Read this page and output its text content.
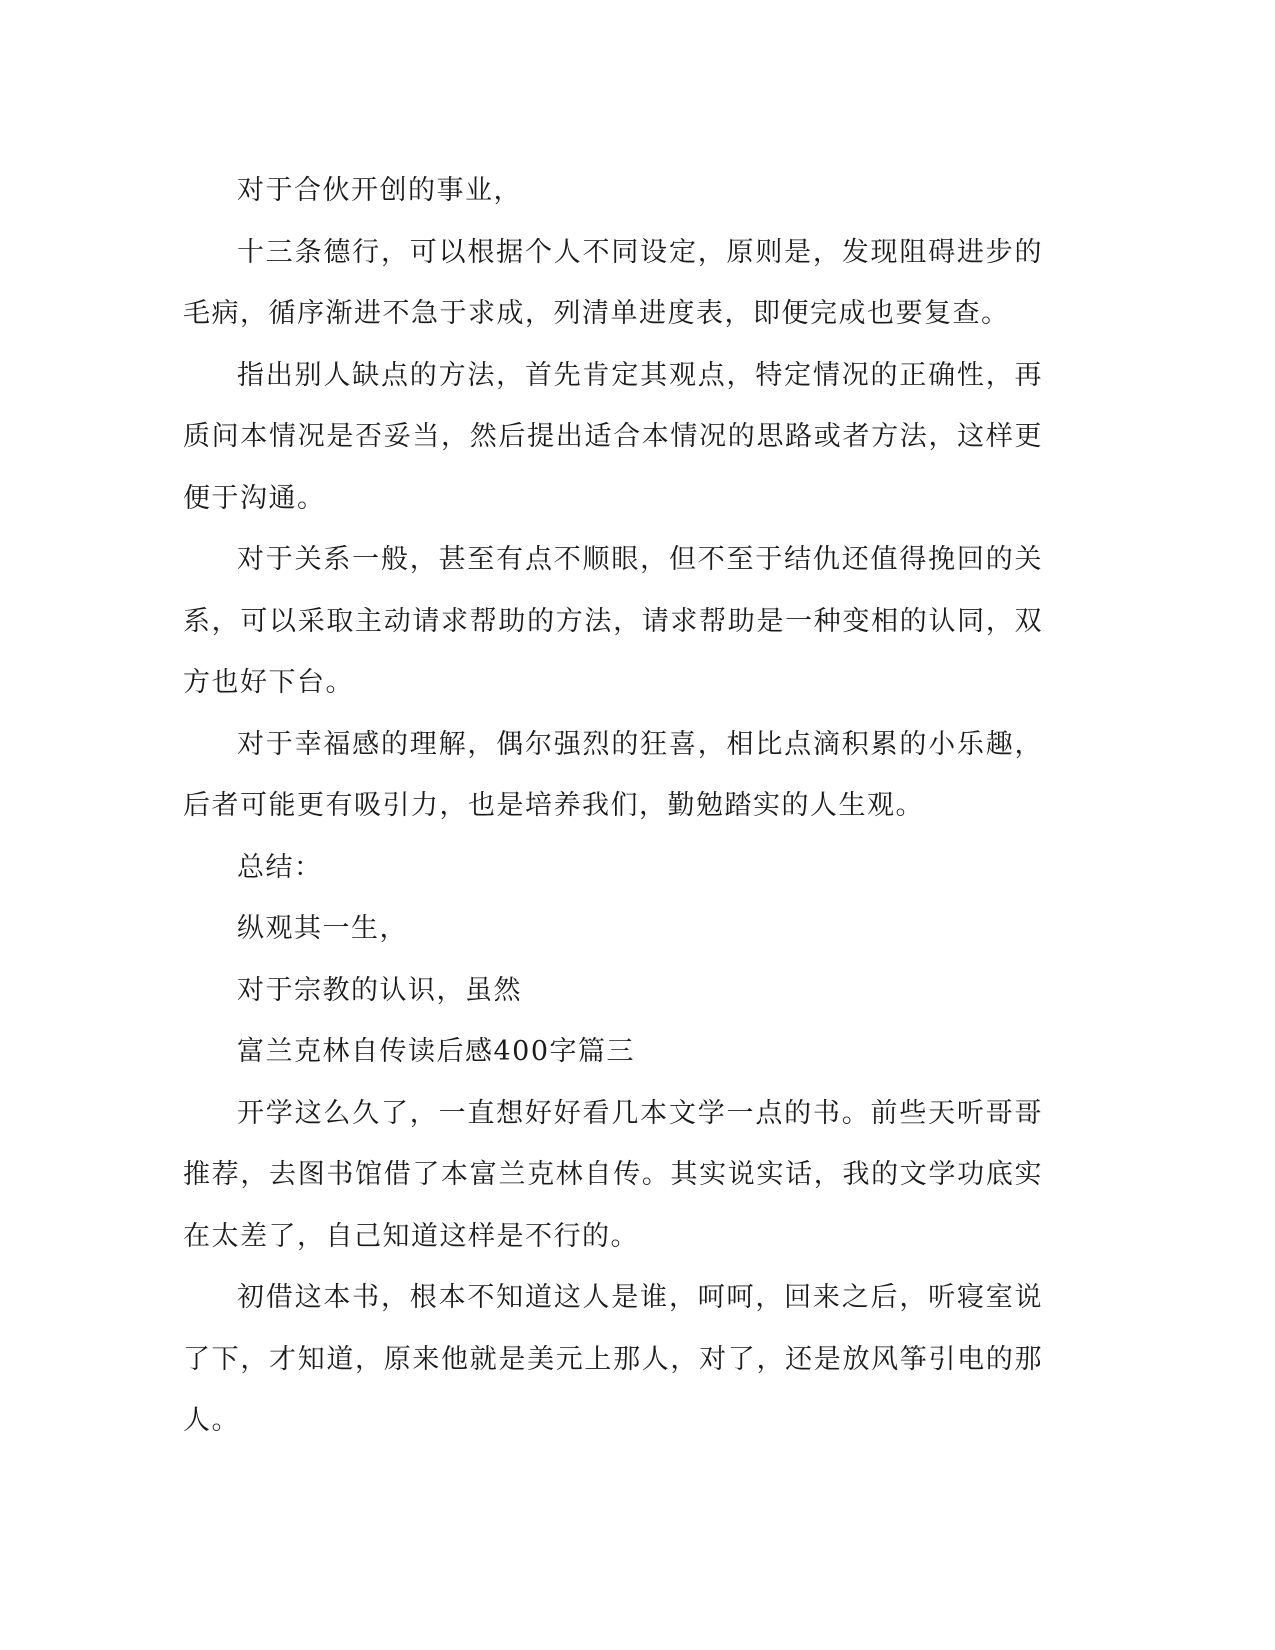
对于合伙开创的事业，

十三条德行，可以根据个人不同设定，原则是，发现阻碍进步的毛病，循序渐进不急于求成，列清单进度表，即便完成也要复查。

指出别人缺点的方法，首先肯定其观点，特定情况的正确性，再质问本情况是否妥当，然后提出适合本情况的思路或者方法，这样更便于沟通。

对于关系一般，甚至有点不顺眼，但不至于结仇还值得挽回的关系，可以采取主动请求帮助的方法，请求帮助是一种变相的认同，双方也好下台。

对于幸福感的理解，偶尔强烈的狂喜，相比点滴积累的小乐趣，后者可能更有吸引力，也是培养我们，勤勉踏实的人生观。

总结：

纵观其一生，

对于宗教的认识，虽然

富兰克林自传读后感400字篇三

开学这么久了，一直想好好看几本文学一点的书。前些天听哥哥推荐，去图书馆借了本富兰克林自传。其实说实话，我的文学功底实在太差了，自己知道这样是不行的。

初借这本书，根本不知道这人是谁，呵呵，回来之后，听寝室说了下，才知道，原来他就是美元上那人，对了，还是放风筝引电的那人。
